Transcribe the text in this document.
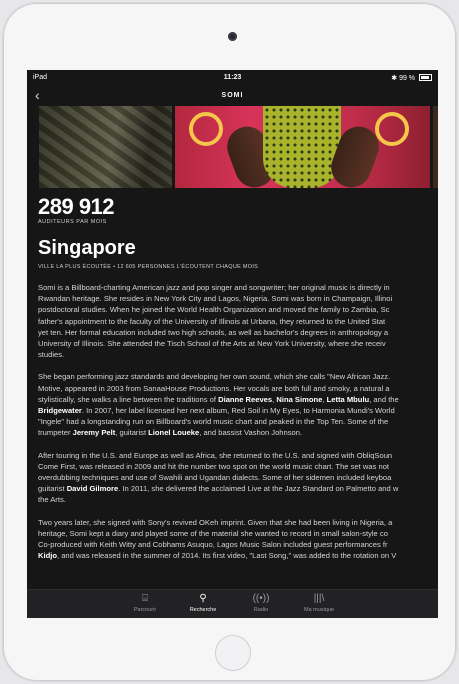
iPad	11:23	✱ 99 %
‹	SOMI
289 912
AUDITEURS PAR MOIS
Singapore
VILLE LA PLUS ÉCOUTÉE • 12 605 PERSONNES L'ÉCOUTENT CHAQUE MOIS

Somi is a Billboard-charting American jazz and pop singer and songwriter; her original music is directly in
Rwandan heritage. She resides in New York City and Lagos, Nigeria. Somi was born in Champaign, Illinoi
postdoctoral studies. When he joined the World Health Organization and moved the family to Zambia, Sc
father's appointment to the faculty of the University of Illinois at Urbana, they returned to the United Stat
yet ten. Her formal education included two high schools, as well as bachelor's degrees in anthropology a
University of Illinois. She attended the Tisch School of the Arts at New York University, where she receiv
studies.

She began performing jazz standards and developing her own sound, which she calls "New African Jazz.
Motive, appeared in 2003 from SanaaHouse Productions. Her vocals are both full and smoky, a natural a
stylistically, she walks a line between the traditions of Dianne Reeves, Nina Simone, Letta Mbulu, and the
Bridgewater. In 2007, her label licensed her next album, Red Soil in My Eyes, to Harmonia Mundi's World
"Ingele" had a longstanding run on Billboard's world music chart and peaked in the Top Ten. Some of the
trumpeter Jeremy Pelt, guitarist Lionel Loueke, and bassist Vashon Johnson.

After touring in the U.S. and Europe as well as Africa, she returned to the U.S. and signed with ObliqSoun
Come First, was released in 2009 and hit the number two spot on the world music chart. The set was not
overdubbing techniques and use of Swahili and Ugandan dialects. Some of her sidemen included keyboa
guitarist David Gilmore. In 2011, she delivered the acclaimed Live at the Jazz Standard on Palmetto and w
the Arts.

Two years later, she signed with Sony's revived OKeh imprint. Given that she had been living in Nigeria, a
heritage, Somi kept a diary and played some of the material she wanted to record in small salon-style co
Co-produced with Keith Witty and Cobhams Asuquo, Lagos Music Salon included guest performances fr
Kidjo, and was released in the summer of 2014. Its first video, "Last Song," was added to the rotation on V

⌸
Parcourir
⚲
Recherche
((•))
Radio
|||\
Ma musique
